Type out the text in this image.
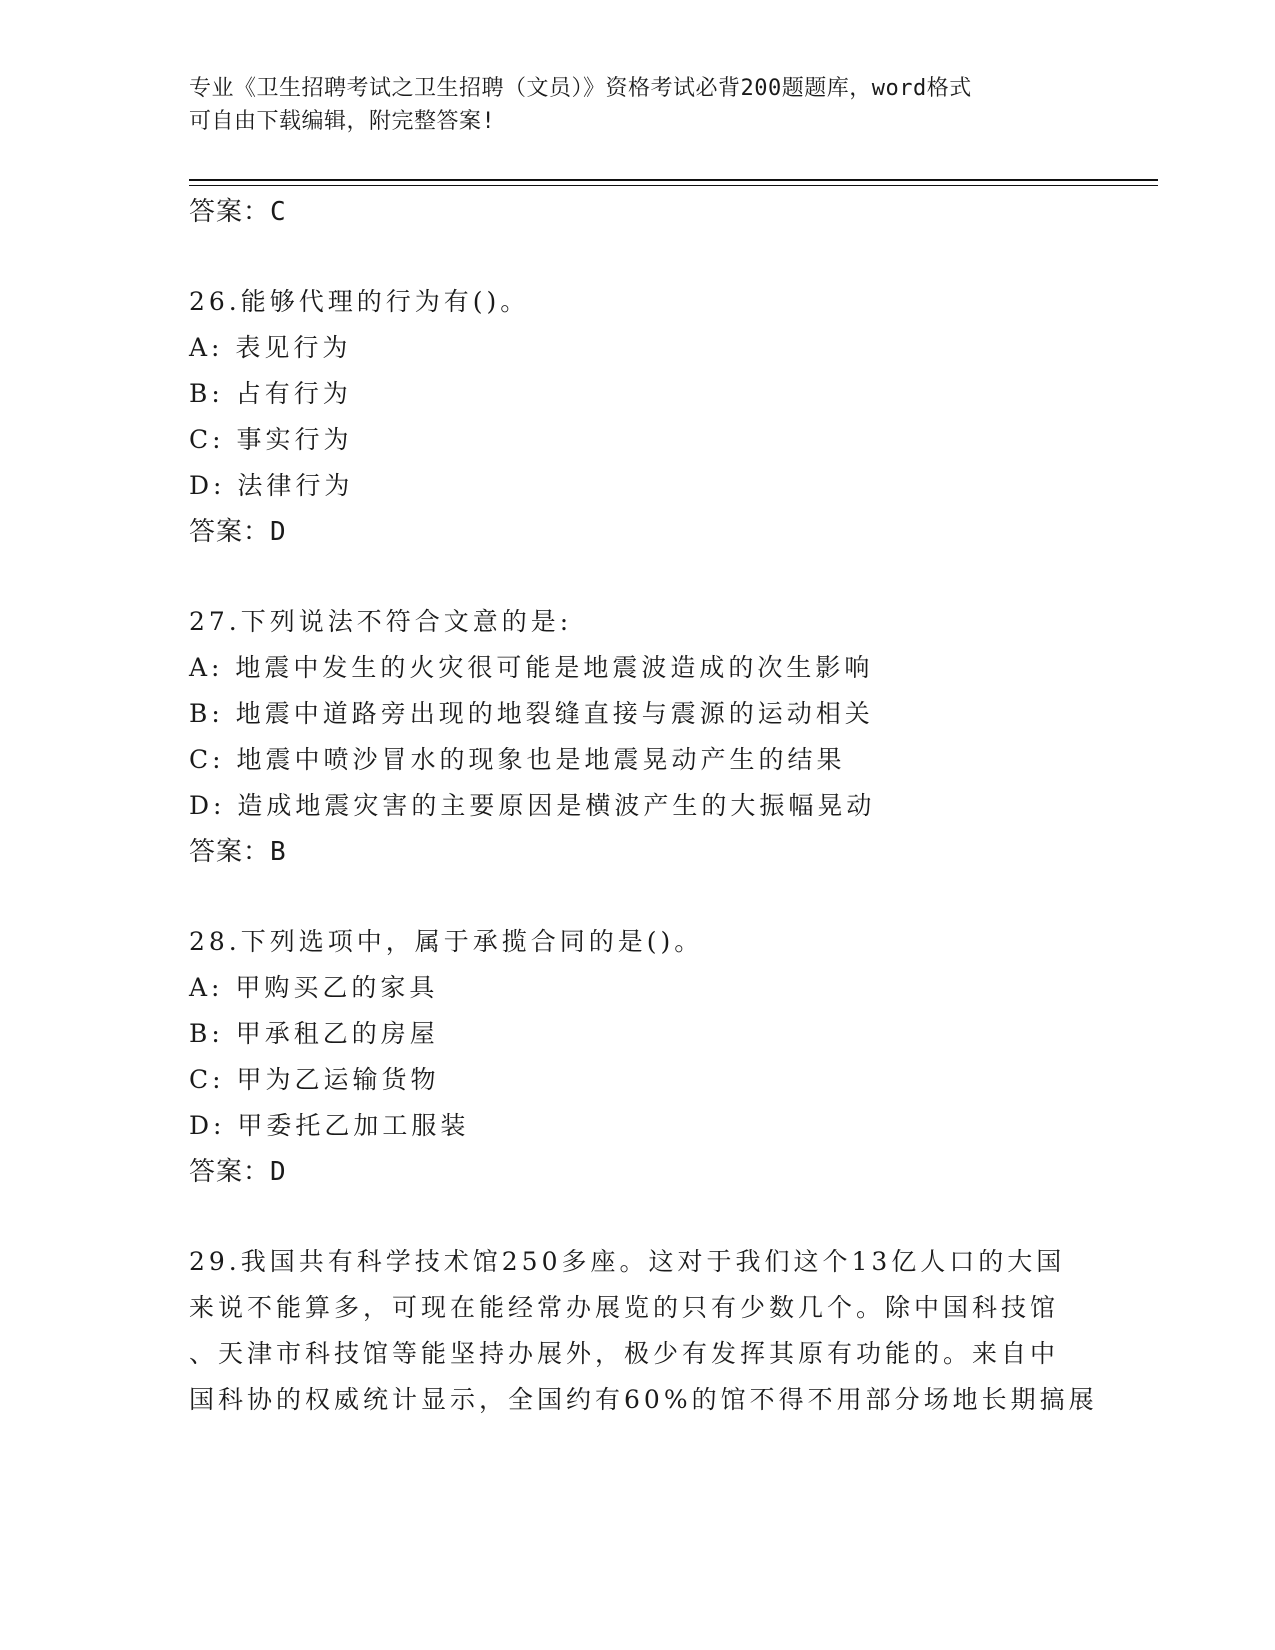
专业《卫生招聘考试之卫生招聘（文员）》资格考试必背200题题库，word格式
可自由下载编辑，附完整答案!
答案：C
26.能够代理的行为有()。
A: 表见行为
B: 占有行为
C: 事实行为
D: 法律行为
答案：D
27.下列说法不符合文意的是:
A: 地震中发生的火灾很可能是地震波造成的次生影响
B: 地震中道路旁出现的地裂缝直接与震源的运动相关
C: 地震中喷沙冒水的现象也是地震晃动产生的结果
D: 造成地震灾害的主要原因是横波产生的大振幅晃动
答案：B
28.下列选项中，属于承揽合同的是()。
A: 甲购买乙的家具
B: 甲承租乙的房屋
C: 甲为乙运输货物
D: 甲委托乙加工服装
答案：D
29.我国共有科学技术馆250多座。这对于我们这个13亿人口的大国
来说不能算多，可现在能经常办展览的只有少数几个。除中国科技馆
、天津市科技馆等能坚持办展外，极少有发挥其原有功能的。来自中
国科协的权威统计显示，全国约有60%的馆不得不用部分场地长期搞展
